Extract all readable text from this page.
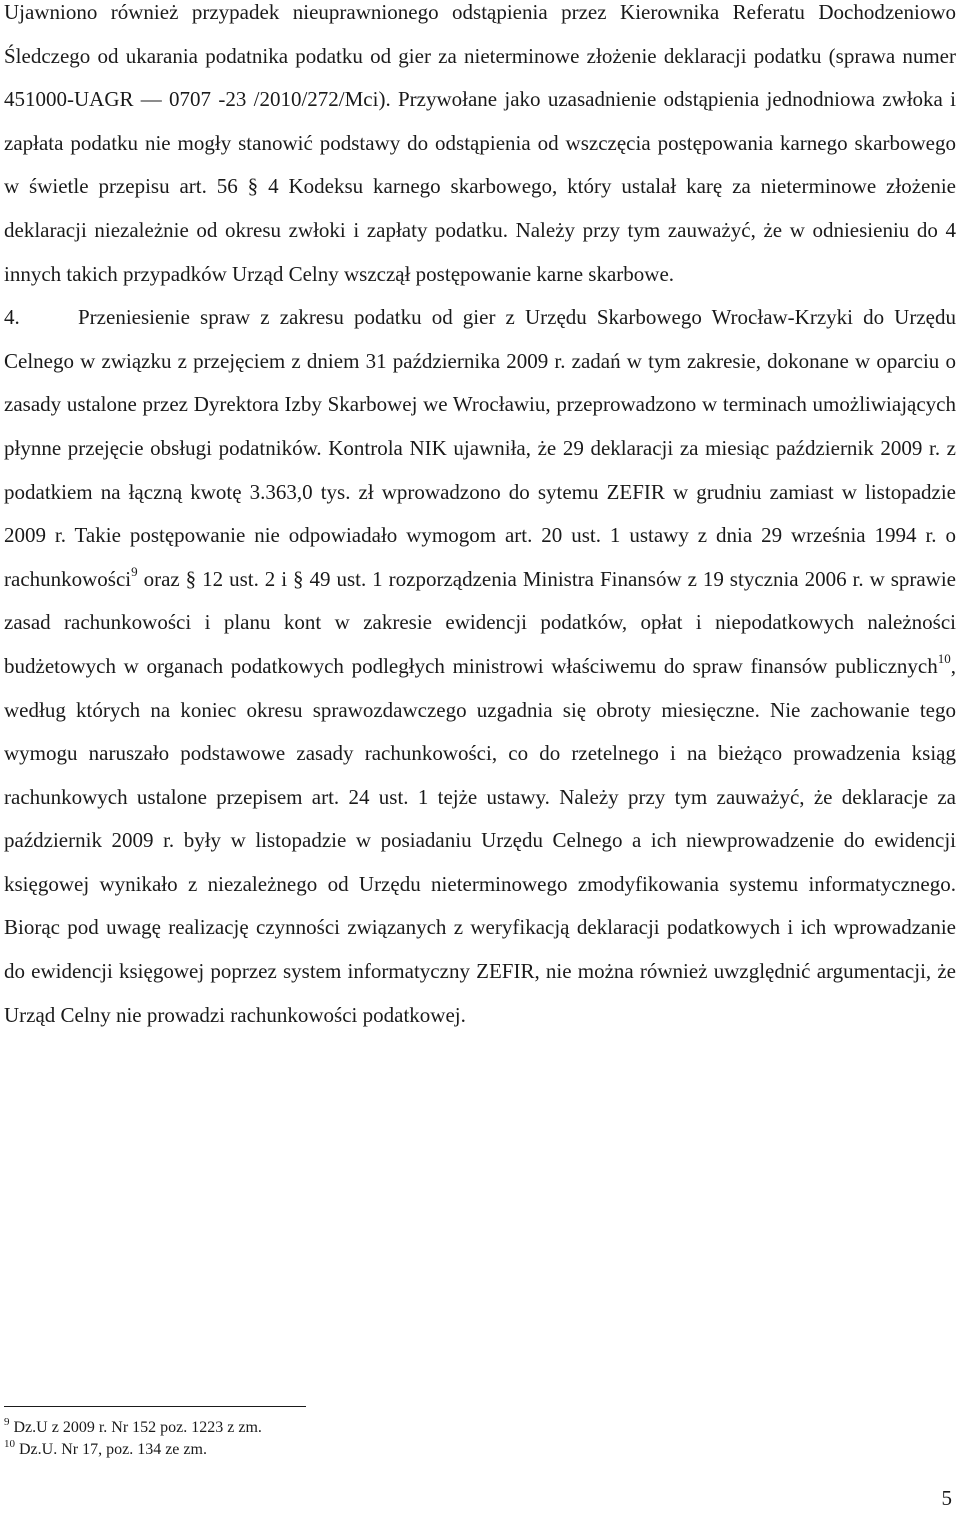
Ujawniono również przypadek nieuprawnionego odstąpienia przez Kierownika Referatu Dochodzeniowo Śledczego od ukarania podatnika podatku od gier za nieterminowe złożenie deklaracji podatku (sprawa numer 451000-UAGR — 0707 -23 /2010/272/Mci). Przywołane jako uzasadnienie odstąpienia jednodniowa zwłoka i zapłata podatku nie mogły stanowić podstawy do odstąpienia od wszczęcia postępowania karnego skarbowego w świetle przepisu art. 56 § 4 Kodeksu karnego skarbowego, który ustalał karę za nieterminowe złożenie deklaracji niezależnie od okresu zwłoki i zapłaty podatku. Należy przy tym zauważyć, że w odniesieniu do 4 innych takich przypadków Urząd Celny wszczął postępowanie karne skarbowe.

4.	Przeniesienie spraw z zakresu podatku od gier z Urzędu Skarbowego Wrocław-Krzyki do Urzędu Celnego w związku z przejęciem z dniem 31 października 2009 r. zadań w tym zakresie, dokonane w oparciu o zasady ustalone przez Dyrektora Izby Skarbowej we Wrocławiu, przeprowadzono w terminach umożliwiających płynne przejęcie obsługi podatników. Kontrola NIK ujawniła, że 29 deklaracji za miesiąc październik 2009 r. z podatkiem na łączną kwotę 3.363,0 tys. zł wprowadzono do sytemu ZEFIR w grudniu zamiast w listopadzie 2009 r. Takie postępowanie nie odpowiadało wymogom art. 20 ust. 1 ustawy z dnia 29 września 1994 r. o rachunkowości$^9$ oraz § 12 ust. 2 i § 49 ust. 1 rozporządzenia Ministra Finansów z 19 stycznia 2006 r. w sprawie zasad rachunkowości i planu kont w zakresie ewidencji podatków, opłat i niepodatkowych należności budżetowych w organach podatkowych podległych ministrowi właściwemu do spraw finansów publicznych$^{10}$, według których na koniec okresu sprawozdawczego uzgadnia się obroty miesięczne. Nie zachowanie tego wymogu naruszało podstawowe zasady rachunkowości, co do rzetelnego i na bieżąco prowadzenia ksiąg rachunkowych ustalone przepisem art. 24 ust. 1 tejże ustawy. Należy przy tym zauważyć, że deklaracje za październik 2009 r. były w listopadzie w posiadaniu Urzędu Celnego a ich niewprowadzenie do ewidencji księgowej wynikało z niezależnego od Urzędu nieterminowego zmodyfikowania systemu informatycznego. Biorąc pod uwagę realizację czynności związanych z weryfikacją deklaracji podatkowych i ich wprowadzanie do ewidencji księgowej poprzez system informatyczny ZEFIR, nie można również uwzględnić argumentacji, że Urząd Celny nie prowadzi rachunkowości podatkowej.

$^9$ Dz.U z 2009 r. Nr 152 poz. 1223 z zm.
$^{10}$ Dz.U. Nr 17, poz. 134 ze zm.
5
